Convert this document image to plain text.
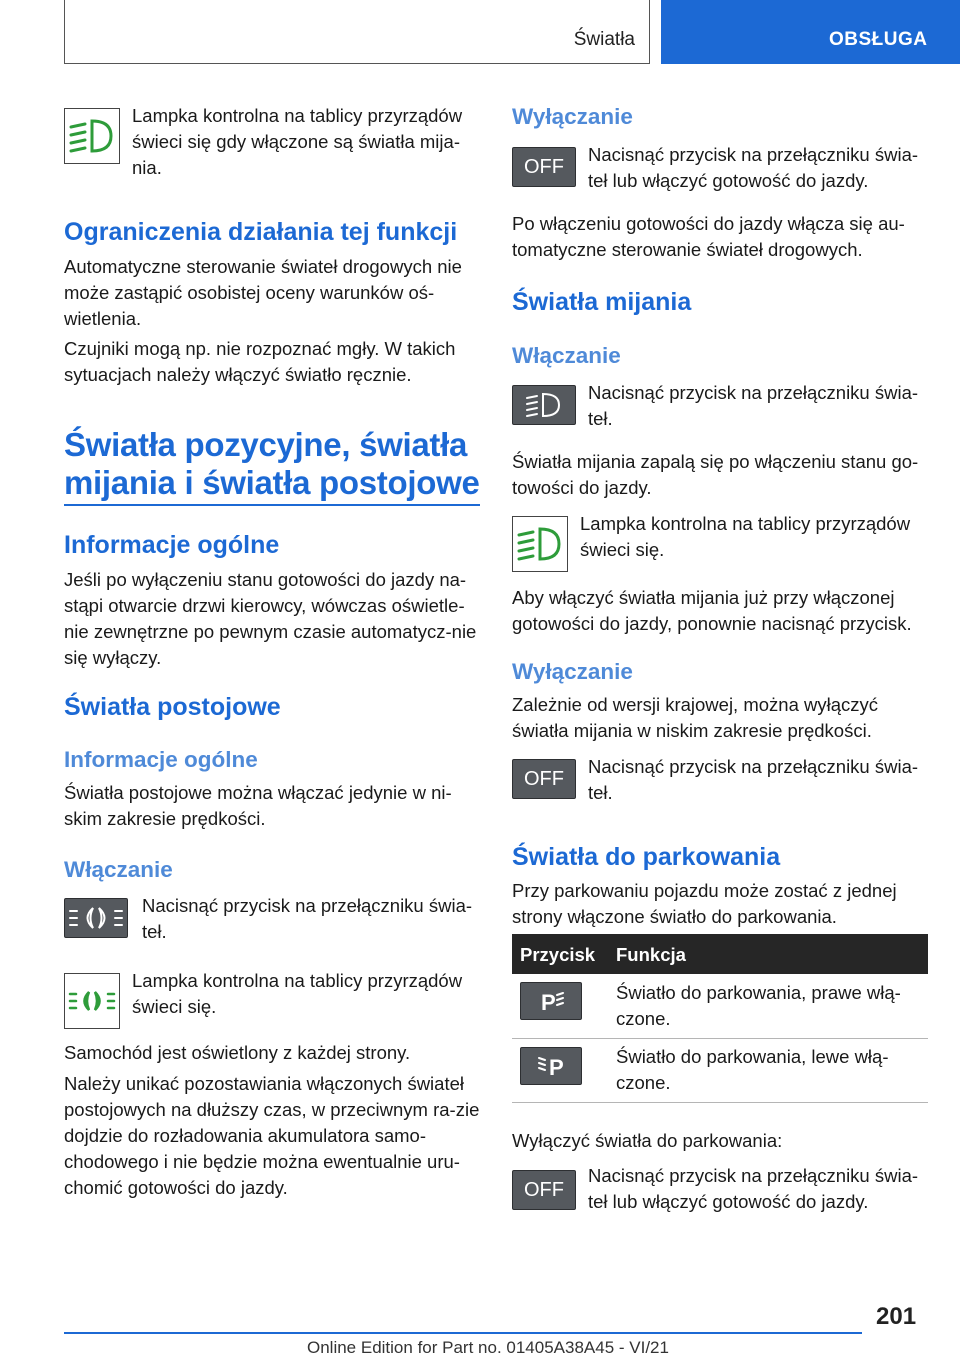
Światła	OBSŁUGA
Lampka kontrolna na tablicy przyrządów świeci się gdy włączone są światła mija-nia.
Ograniczenia działania tej funkcji
Automatyczne sterowanie świateł drogowych nie może zastąpić osobistej oceny warunków oś-wietlenia.
Czujniki mogą np. nie rozpoznać mgły. W takich sytuacjach należy włączyć światło ręcznie.
Światła pozycyjne, światła
mijania i światła postojowe
Informacje ogólne
Jeśli po wyłączeniu stanu gotowości do jazdy na-stąpi otwarcie drzwi kierowcy, wówczas oświetle-nie zewnętrzne po pewnym czasie automatycz-nie się wyłączy.
Światła postojowe
Informacje ogólne
Światła postojowe można włączać jedynie w ni-skim zakresie prędkości.
Włączanie
Nacisnąć przycisk na przełączniku świa-teł.
Lampka kontrolna na tablicy przyrządów świeci się.
Samochód jest oświetlony z każdej strony.
Należy unikać pozostawiania włączonych świateł postojowych na dłuższy czas, w przeciwnym ra-zie dojdzie do rozładowania akumulatora samo-chodowego i nie będzie można ewentualnie uru-chomić gotowości do jazdy.
Wyłączanie
OFF
Nacisnąć przycisk na przełączniku świa-teł lub włączyć gotowość do jazdy.
Po włączeniu gotowości do jazdy włącza się au-tomatyczne sterowanie świateł drogowych.
Światła mijania
Włączanie
Nacisnąć przycisk na przełączniku świa-teł.
Światła mijania zapalą się po włączeniu stanu go-towości do jazdy.
Lampka kontrolna na tablicy przyrządów świeci się.
Aby włączyć światła mijania już przy włączonej gotowości do jazdy, ponownie nacisnąć przycisk.
Wyłączanie
Zależnie od wersji krajowej, można wyłączyć światła mijania w niskim zakresie prędkości.
OFF
Nacisnąć przycisk na przełączniku świa-teł.
Światła do parkowania
Przy parkowaniu pojazdu może zostać z jednej strony włączone światło do parkowania.
Przycisk Funkcja
P	Światło do parkowania, prawe włą-czone.
P	Światło do parkowania, lewe włą-czone.
Wyłączyć światła do parkowania:
OFF
Nacisnąć przycisk na przełączniku świa-teł lub włączyć gotowość do jazdy.
201
Online Edition for Part no. 01405A38A45 - VI/21
